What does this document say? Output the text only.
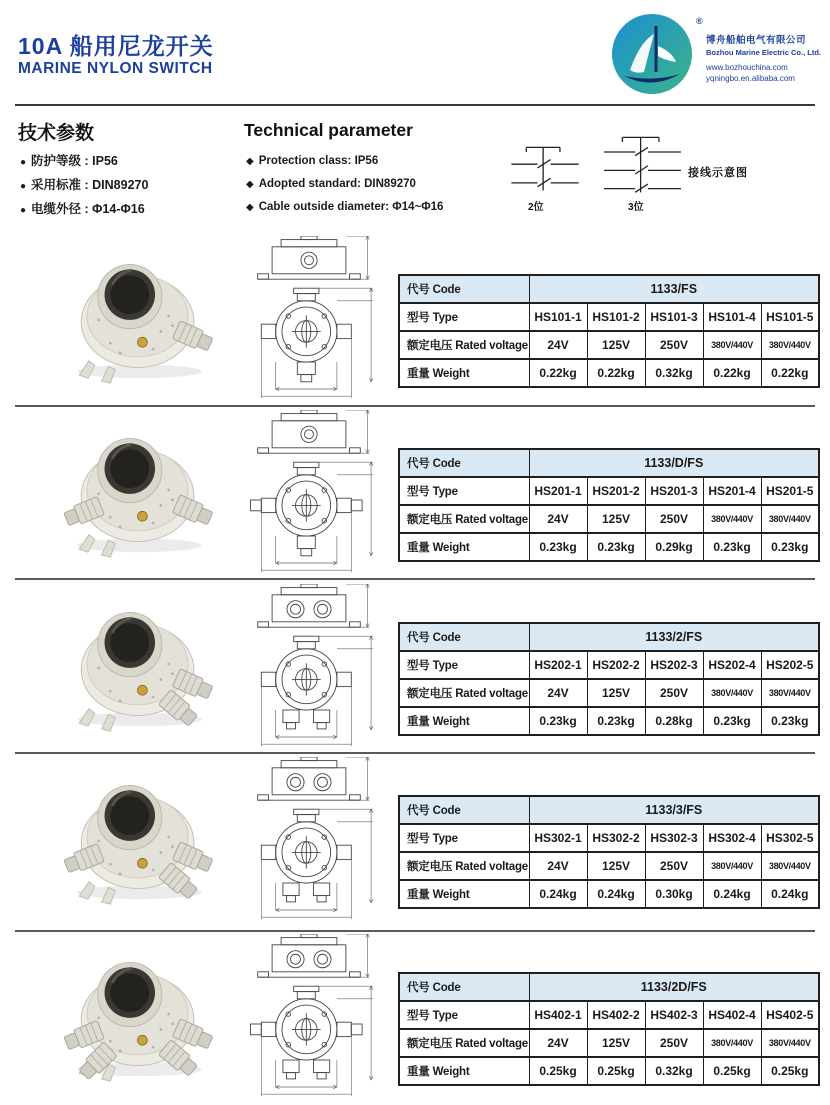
10A 船用尼龙开关
MARINE NYLON SWITCH
®
博舟船舶电气有限公司
Bozhou Marine Electric Co., Ltd.
www.bozhouchina.com
yqningbo.en.alibaba.com
技术参数
● 防护等级 : IP56
● 采用标准 : DIN89270
● 电缆外径 : Φ14-Φ16
Technical parameter
◆ Protection class: IP56
◆ Adopted standard: DIN89270
◆ Cable outside diameter: Φ14~Φ16	2位	3位
接线示意图
代号 Code	1133/FS				
型号 Type	HS101-1	HS101-2	HS101-3	HS101-4	HS101-5
额定电压 Rated voltage	24V	125V	250V	380V/440V	380V/440V
重量 Weight	0.22kg	0.22kg	0.32kg	0.22kg	0.22kg
代号 Code	1133/D/FS				
型号 Type	HS201-1	HS201-2	HS201-3	HS201-4	HS201-5
额定电压 Rated voltage	24V	125V	250V	380V/440V	380V/440V
重量 Weight	0.23kg	0.23kg	0.29kg	0.23kg	0.23kg
代号 Code	1133/2/FS				
型号 Type	HS202-1	HS202-2	HS202-3	HS202-4	HS202-5
额定电压 Rated voltage	24V	125V	250V	380V/440V	380V/440V
重量 Weight	0.23kg	0.23kg	0.28kg	0.23kg	0.23kg
代号 Code	1133/3/FS				
型号 Type	HS302-1	HS302-2	HS302-3	HS302-4	HS302-5
额定电压 Rated voltage	24V	125V	250V	380V/440V	380V/440V
重量 Weight	0.24kg	0.24kg	0.30kg	0.24kg	0.24kg
代号 Code	1133/2D/FS				
型号 Type	HS402-1	HS402-2	HS402-3	HS402-4	HS402-5
额定电压 Rated voltage	24V	125V	250V	380V/440V	380V/440V
重量 Weight	0.25kg	0.25kg	0.32kg	0.25kg	0.25kg
